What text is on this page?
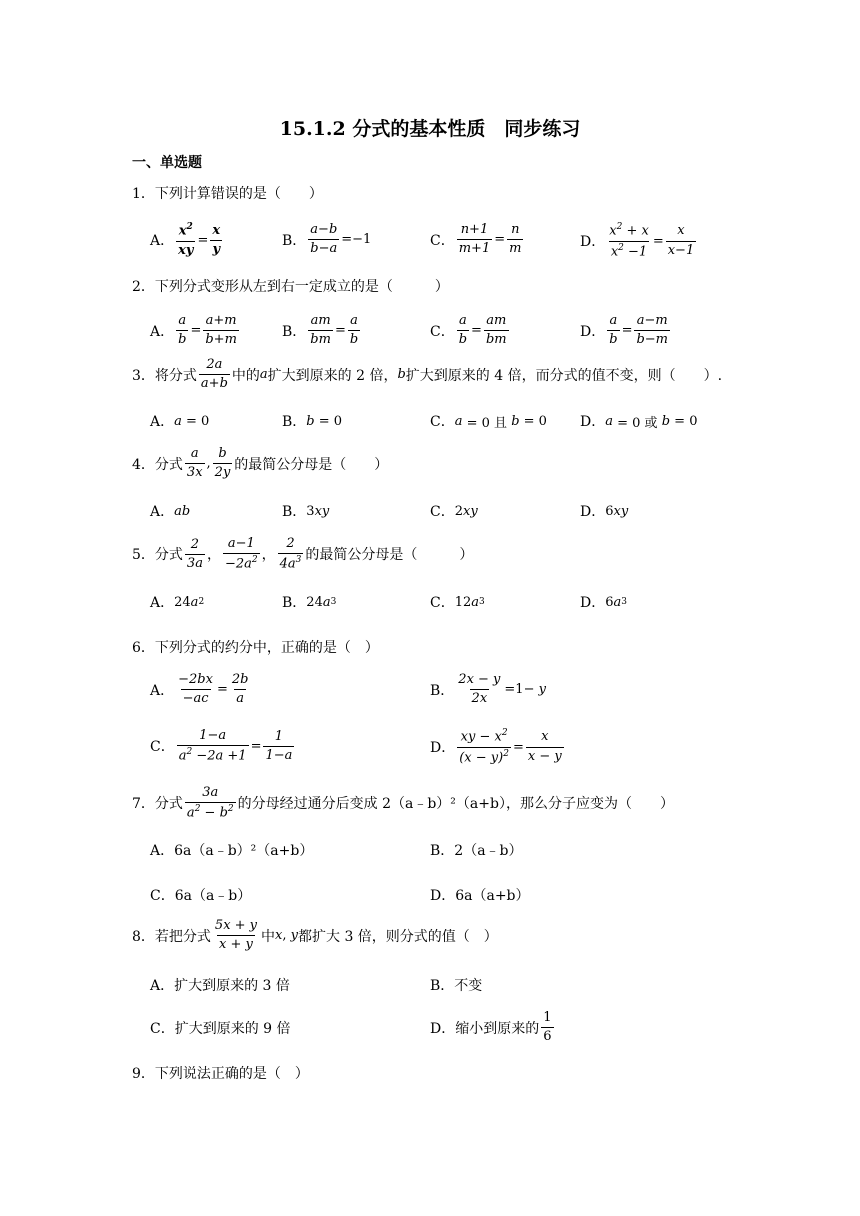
15.1.2 分式的基本性质　同步练习
一、单选题
1．下列计算错误的是（　　）
A． $\frac{x^2}{xy} = \frac{x}{y}$	B． $\frac{a-b}{b-a} =-1$	C． $\frac{n+1}{m+1} = \frac{n}{m}$	D． $\frac{x^2 + x}{x^2 -1} = \frac{x}{x-1}$
2．下列分式变形从左到右一定成立的是（　　　）
A． $\frac{a}{b} = \frac{a+m}{b+m}$	B． $\frac{am}{bm} = \frac{a}{b}$	C． $\frac{a}{b} = \frac{am}{bm}$	D． $\frac{a}{b} = \frac{a-m}{b-m}$
3．将分式 $\frac{2a}{a+b}$ 中的 a 扩大到原来的 2 倍， b 扩大到原来的 4 倍，而分式的值不变，则（　　）.
A． a = 0	B． b = 0	C． a = 0 且 b = 0 D． a = 0 或 b = 0
4．分式 $\frac{a}{3x}$ , $\frac{b}{2y}$ 的最简公分母是（　　）
A． ab	B． 3 xy	C． 2 xy	D． 6 xy
5．分式 $\frac{2}{3a}$ ， $\frac{a-1}{-2a^2}$ ， $\frac{2}{4a^3}$ 的最简公分母是（　　　）
A． 24 a 2	B． 24 a 3	C． 12 a 3	D． 6 a 3
6．下列分式的约分中，正确的是（　）
A． $\frac{-2bx}{-ac} = \frac{2b}{a}$	B． $\frac{2x - y}{2x} =1- y$
C． $\frac{1-a}{a^2 -2a +1} = \frac{1}{1-a}$	D． $\frac{xy - x^2}{(x - y)^2} = \frac{x}{x - y}$
7．分式 $\frac{3a}{a^2 - b^2}$ 的分母经过通分后变成 2（a﹣b）²（a+b），那么分子应变为（　　）
A．6a（a﹣b）²（a+b）	B．2（a﹣b）
C．6a（a﹣b）	D．6a（a+b）
8．若把分式 $\frac{5x + y}{x + y}$ 中 x , y 都扩大 3 倍，则分式的值（　）
A．扩大到原来的 3 倍	B．不变
C．扩大到原来的 9 倍	D．缩小到原来的 $\frac{1}{6}$
9．下列说法正确的是（　）
